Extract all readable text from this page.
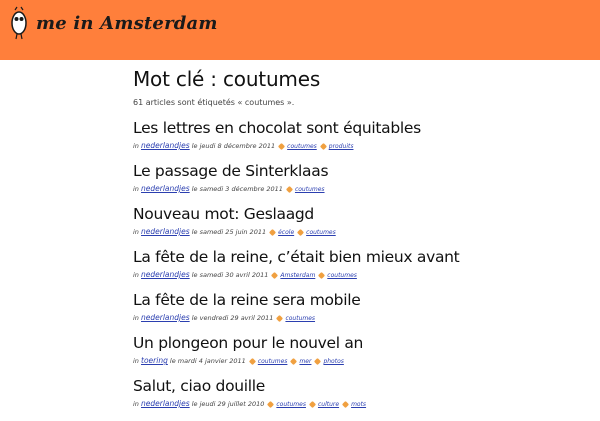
me in Amsterdam
Mot clé : coutumes

61 articles sont étiquetés « coutumes ».

Les lettres en chocolat sont équitables
in nederlandjes le jeudi 8 décembre 2011 coutumes produits
Le passage de Sinterklaas
in nederlandjes le samedi 3 décembre 2011 coutumes
Nouveau mot: Geslaagd
in nederlandjes le samedi 25 juin 2011 école coutumes
La fête de la reine, c’était bien mieux avant
in nederlandjes le samedi 30 avril 2011 Amsterdam coutumes
La fête de la reine sera mobile
in nederlandjes le vendredi 29 avril 2011 coutumes
Un plongeon pour le nouvel an
in toering le mardi 4 janvier 2011 coutumes mer photos
Salut, ciao douille
in nederlandjes le jeudi 29 juillet 2010 coutumes culture mots
